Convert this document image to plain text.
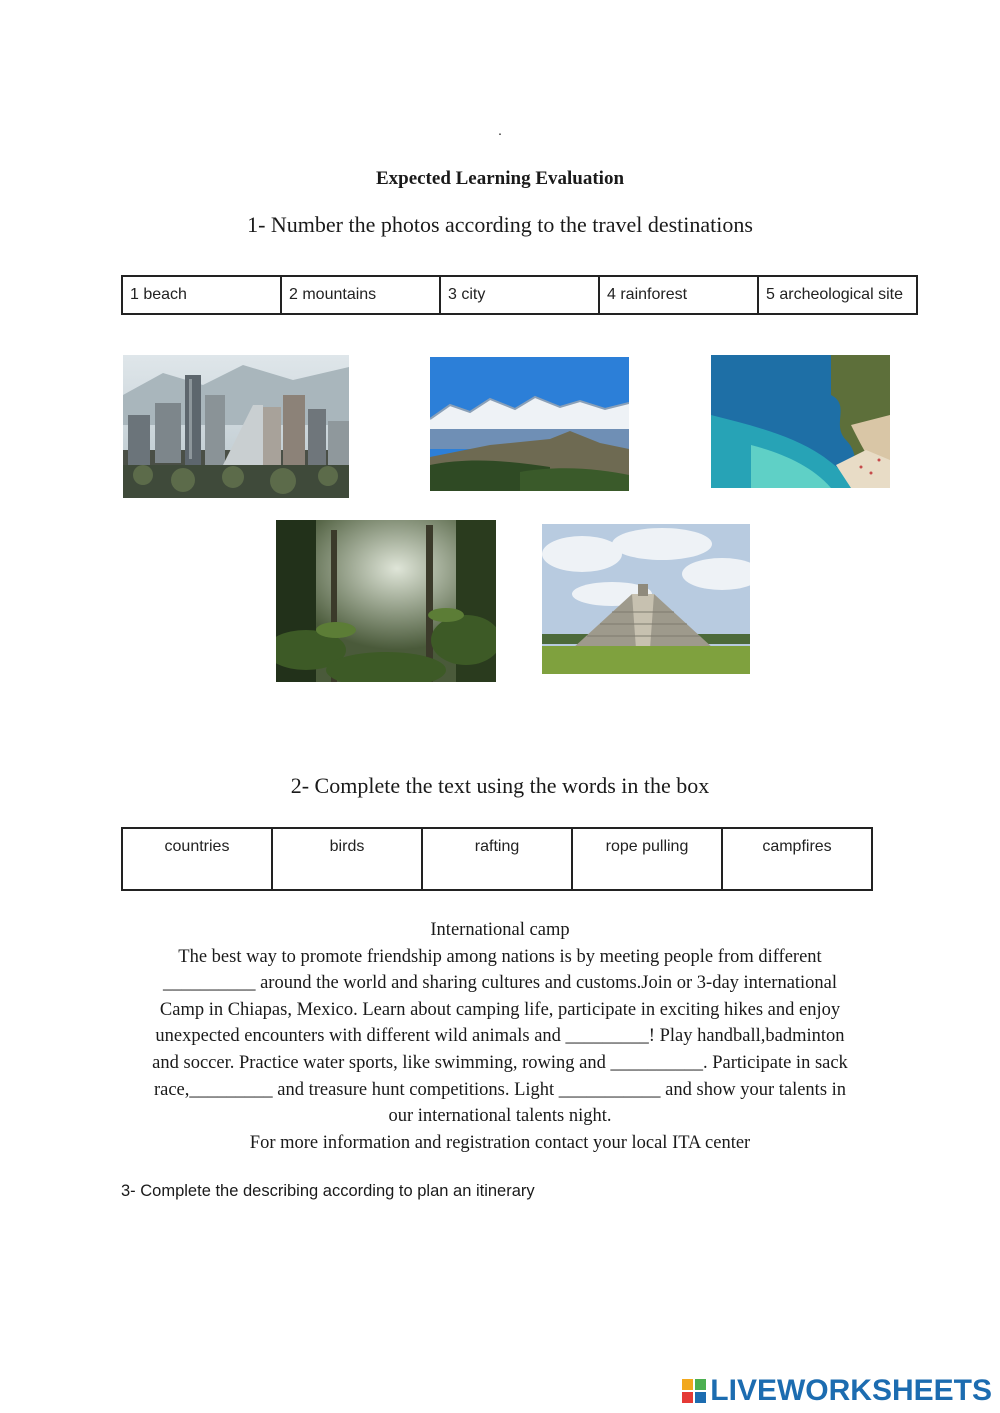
.
Expected Learning Evaluation
1- Number the photos according to the travel destinations
1 beach	2 mountains	3 city	4 rainforest	5 archeological site
2- Complete the text using the words in the box
countries	birds	rafting	rope pulling	campfires

International camp

The best way to promote friendship among nations is by meeting people from different

__________ around the world and sharing cultures and customs.Join or 3-day international

Camp in Chiapas, Mexico. Learn about camping life, participate in exciting hikes and enjoy

unexpected encounters with different wild animals and _________! Play handball,badminton

and soccer. Practice water sports, like swimming, rowing and __________. Participate in sack

race,_________ and treasure hunt competitions. Light ___________ and show your talents in

our international talents night.

For more information and registration contact your local ITA center

3- Complete the describing according to plan an itinerary
LIVEWORKSHEETS
